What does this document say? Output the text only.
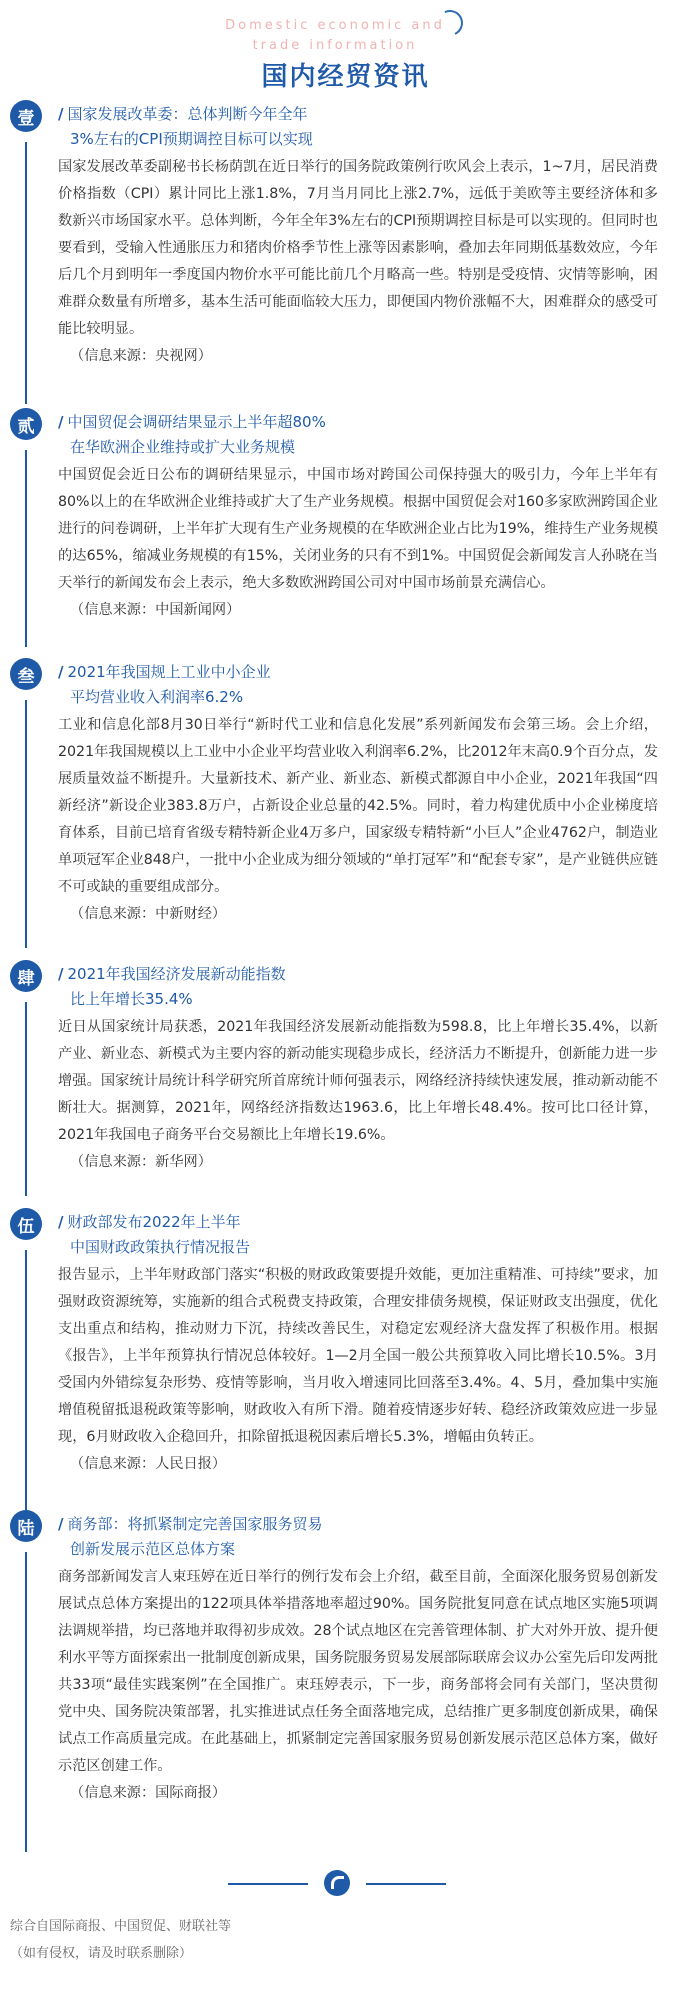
Domestic economic and trade information
国内经贸资讯
壹	/ 国家发展改革委：总体判断今年全年
3%左右的CPI预期调控目标可以实现
国家发展改革委副秘书长杨荫凯在近日举行的国务院政策例行吹风会上表示，1~7月，居民消费价格指数（CPI）累计同比上涨1.8%，7月当月同比上涨2.7%，远低于美欧等主要经济体和多数新兴市场国家水平。总体判断，今年全年3%左右的CPI预期调控目标是可以实现的。但同时也要看到，受输入性通胀压力和猪肉价格季节性上涨等因素影响，叠加去年同期低基数效应，今年后几个月到明年一季度国内物价水平可能比前几个月略高一些。特别是受疫情、灾情等影响，困难群众数量有所增多，基本生活可能面临较大压力，即便国内物价涨幅不大，困难群众的感受可能比较明显。
（信息来源：央视网）
贰	/ 中国贸促会调研结果显示上半年超80%
在华欧洲企业维持或扩大业务规模
中国贸促会近日公布的调研结果显示，中国市场对跨国公司保持强大的吸引力，今年上半年有80%以上的在华欧洲企业维持或扩大了生产业务规模。根据中国贸促会对160多家欧洲跨国企业进行的问卷调研，上半年扩大现有生产业务规模的在华欧洲企业占比为19%，维持生产业务规模的达65%，缩减业务规模的有15%，关闭业务的只有不到1%。中国贸促会新闻发言人孙晓在当天举行的新闻发布会上表示，绝大多数欧洲跨国公司对中国市场前景充满信心。
（信息来源：中国新闻网）
叁	/ 2021年我国规上工业中小企业
平均营业收入利润率6.2%
工业和信息化部8月30日举行“新时代工业和信息化发展”系列新闻发布会第三场。会上介绍，2021年我国规模以上工业中小企业平均营业收入利润率6.2%，比2012年末高0.9个百分点，发展质量效益不断提升。大量新技术、新产业、新业态、新模式都源自中小企业，2021年我国“四新经济”新设企业383.8万户，占新设企业总量的42.5%。同时，着力构建优质中小企业梯度培育体系，目前已培育省级专精特新企业4万多户，国家级专精特新“小巨人”企业4762户，制造业单项冠军企业848户，一批中小企业成为细分领域的“单打冠军”和“配套专家”，是产业链供应链不可或缺的重要组成部分。
（信息来源：中新财经）
肆	/ 2021年我国经济发展新动能指数
比上年增长35.4%
近日从国家统计局获悉，2021年我国经济发展新动能指数为598.8，比上年增长35.4%，以新产业、新业态、新模式为主要内容的新动能实现稳步成长，经济活力不断提升，创新能力进一步增强。国家统计局统计科学研究所首席统计师何强表示，网络经济持续快速发展，推动新动能不断壮大。据测算，2021年，网络经济指数达1963.6，比上年增长48.4%。按可比口径计算，2021年我国电子商务平台交易额比上年增长19.6%。
（信息来源：新华网）
伍	/ 财政部发布2022年上半年
中国财政政策执行情况报告
报告显示，上半年财政部门落实“积极的财政政策要提升效能，更加注重精准、可持续”要求，加强财政资源统筹，实施新的组合式税费支持政策，合理安排债务规模，保证财政支出强度，优化支出重点和结构，推动财力下沉，持续改善民生，对稳定宏观经济大盘发挥了积极作用。根据《报告》，上半年预算执行情况总体较好。1—2月全国一般公共预算收入同比增长10.5%。3月受国内外错综复杂形势、疫情等影响，当月收入增速同比回落至3.4%。4、5月，叠加集中实施增值税留抵退税政策等影响，财政收入有所下滑。随着疫情逐步好转、稳经济政策效应进一步显现，6月财政收入企稳回升，扣除留抵退税因素后增长5.3%，增幅由负转正。
（信息来源：人民日报）
陆	/ 商务部：将抓紧制定完善国家服务贸易
创新发展示范区总体方案
商务部新闻发言人束珏婷在近日举行的例行发布会上介绍，截至目前，全面深化服务贸易创新发展试点总体方案提出的122项具体举措落地率超过90%。国务院批复同意在试点地区实施5项调法调规举措，均已落地并取得初步成效。28个试点地区在完善管理体制、扩大对外开放、提升便利水平等方面探索出一批制度创新成果，国务院服务贸易发展部际联席会议办公室先后印发两批共33项“最佳实践案例”在全国推广。束珏婷表示，下一步，商务部将会同有关部门，坚决贯彻党中央、国务院决策部署，扎实推进试点任务全面落地完成，总结推广更多制度创新成果，确保试点工作高质量完成。在此基础上，抓紧制定完善国家服务贸易创新发展示范区总体方案，做好示范区创建工作。
（信息来源：国际商报）
综合自国际商报、中国贸促、财联社等
（如有侵权，请及时联系删除）
